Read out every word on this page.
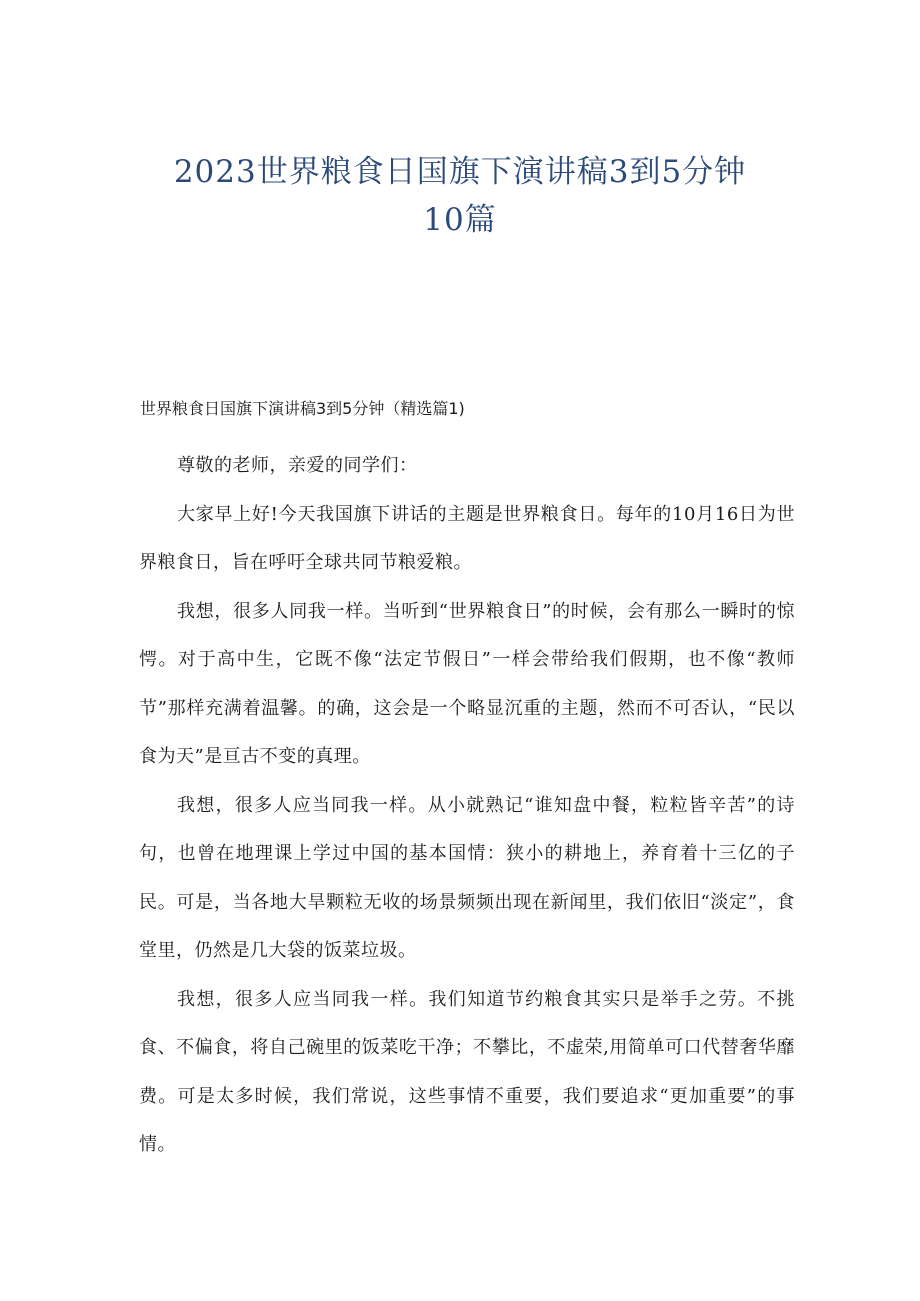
2023世界粮食日国旗下演讲稿3到5分钟
10篇
世界粮食日国旗下演讲稿3到5分钟（精选篇1)

尊敬的老师，亲爱的同学们：

大家早上好!今天我国旗下讲话的主题是世界粮食日。每年的10月16日为世界粮食日，旨在呼吁全球共同节粮爱粮。

我想，很多人同我一样。当听到“世界粮食日”的时候，会有那么一瞬时的惊愕。对于高中生，它既不像“法定节假日”一样会带给我们假期，也不像“教师节”那样充满着温馨。的确，这会是一个略显沉重的主题，然而不可否认，“民以食为天”是亘古不变的真理。

我想，很多人应当同我一样。从小就熟记“谁知盘中餐，粒粒皆辛苦”的诗句，也曾在地理课上学过中国的基本国情：狭小的耕地上，养育着十三亿的子民。可是，当各地大旱颗粒无收的场景频频出现在新闻里，我们依旧“淡定”，食堂里，仍然是几大袋的饭菜垃圾。

我想，很多人应当同我一样。我们知道节约粮食其实只是举手之劳。不挑食、不偏食，将自己碗里的饭菜吃干净；不攀比，不虚荣,用简单可口代替奢华靡费。可是太多时候，我们常说，这些事情不重要，我们要追求“更加重要”的事情。
